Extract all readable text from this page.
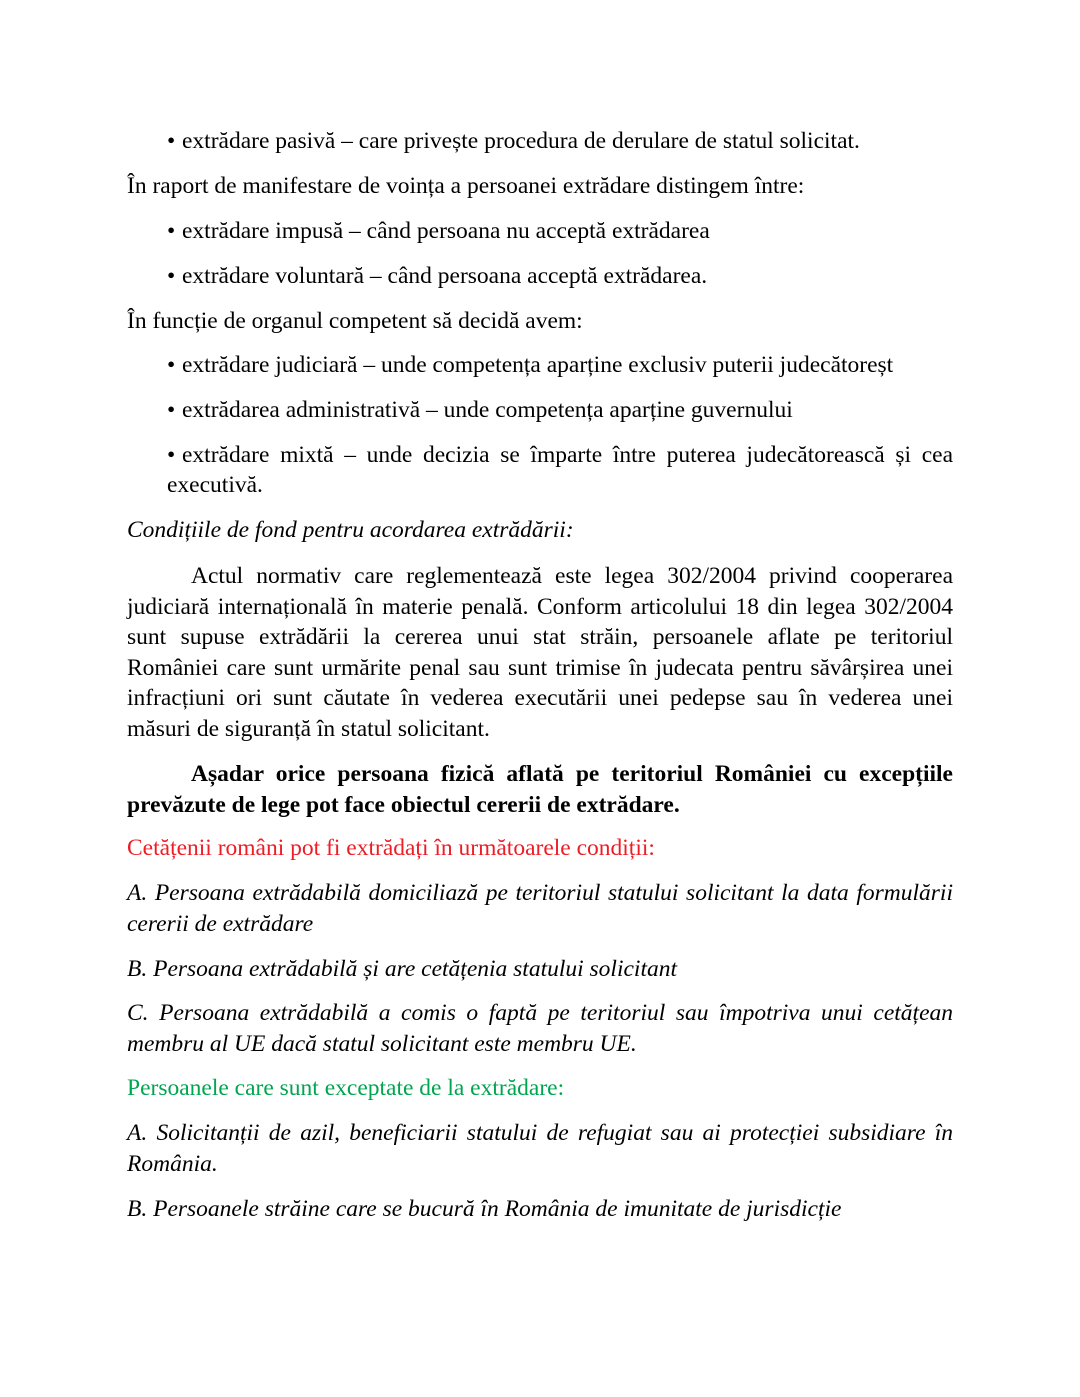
• extrădare pasivă – care privește procedura de derulare de statul solicitat.
În raport de manifestare de voința a persoanei extrădare distingem între:
• extrădare impusă – când persoana nu acceptă extrădarea
• extrădare voluntară – când persoana acceptă extrădarea.
În funcție de organul competent să decidă avem:
• extrădare judiciară – unde competența aparține exclusiv puterii judecătoreșt
• extrădarea administrativă – unde competența aparține guvernului
• extrădare mixtă – unde decizia se împarte între puterea judecătorească și cea executivă.
Condițiile de fond pentru acordarea extrădării:
Actul normativ care reglementează este legea 302/2004 privind cooperarea judiciară internațională în materie penală. Conform articolului 18 din legea 302/2004 sunt supuse extrădării la cererea unui stat străin, persoanele aflate pe teritoriul României care sunt urmărite penal sau sunt trimise în judecata pentru săvârșirea unei infracțiuni ori sunt căutate în vederea executării unei pedepse sau în vederea unei măsuri de siguranță în statul solicitant.
Așadar orice persoana fizică aflată pe teritoriul României cu excepțiile prevăzute de lege pot face obiectul cererii de extrădare.
Cetățenii români pot fi extrădați în următoarele condiții:
A. Persoana extrădabilă domiciliază pe teritoriul statului solicitant la data formulării cererii de extrădare
B. Persoana extrădabilă și are cetățenia statului solicitant
C. Persoana extrădabilă a comis o faptă pe teritoriul sau împotriva unui cetățean membru al UE dacă statul solicitant este membru UE.
Persoanele care sunt exceptate de la extrădare:
A. Solicitanții de azil, beneficiarii statului de refugiat sau ai protecției subsidiare în România.
B. Persoanele străine care se bucură în România de imunitate de jurisdicție
